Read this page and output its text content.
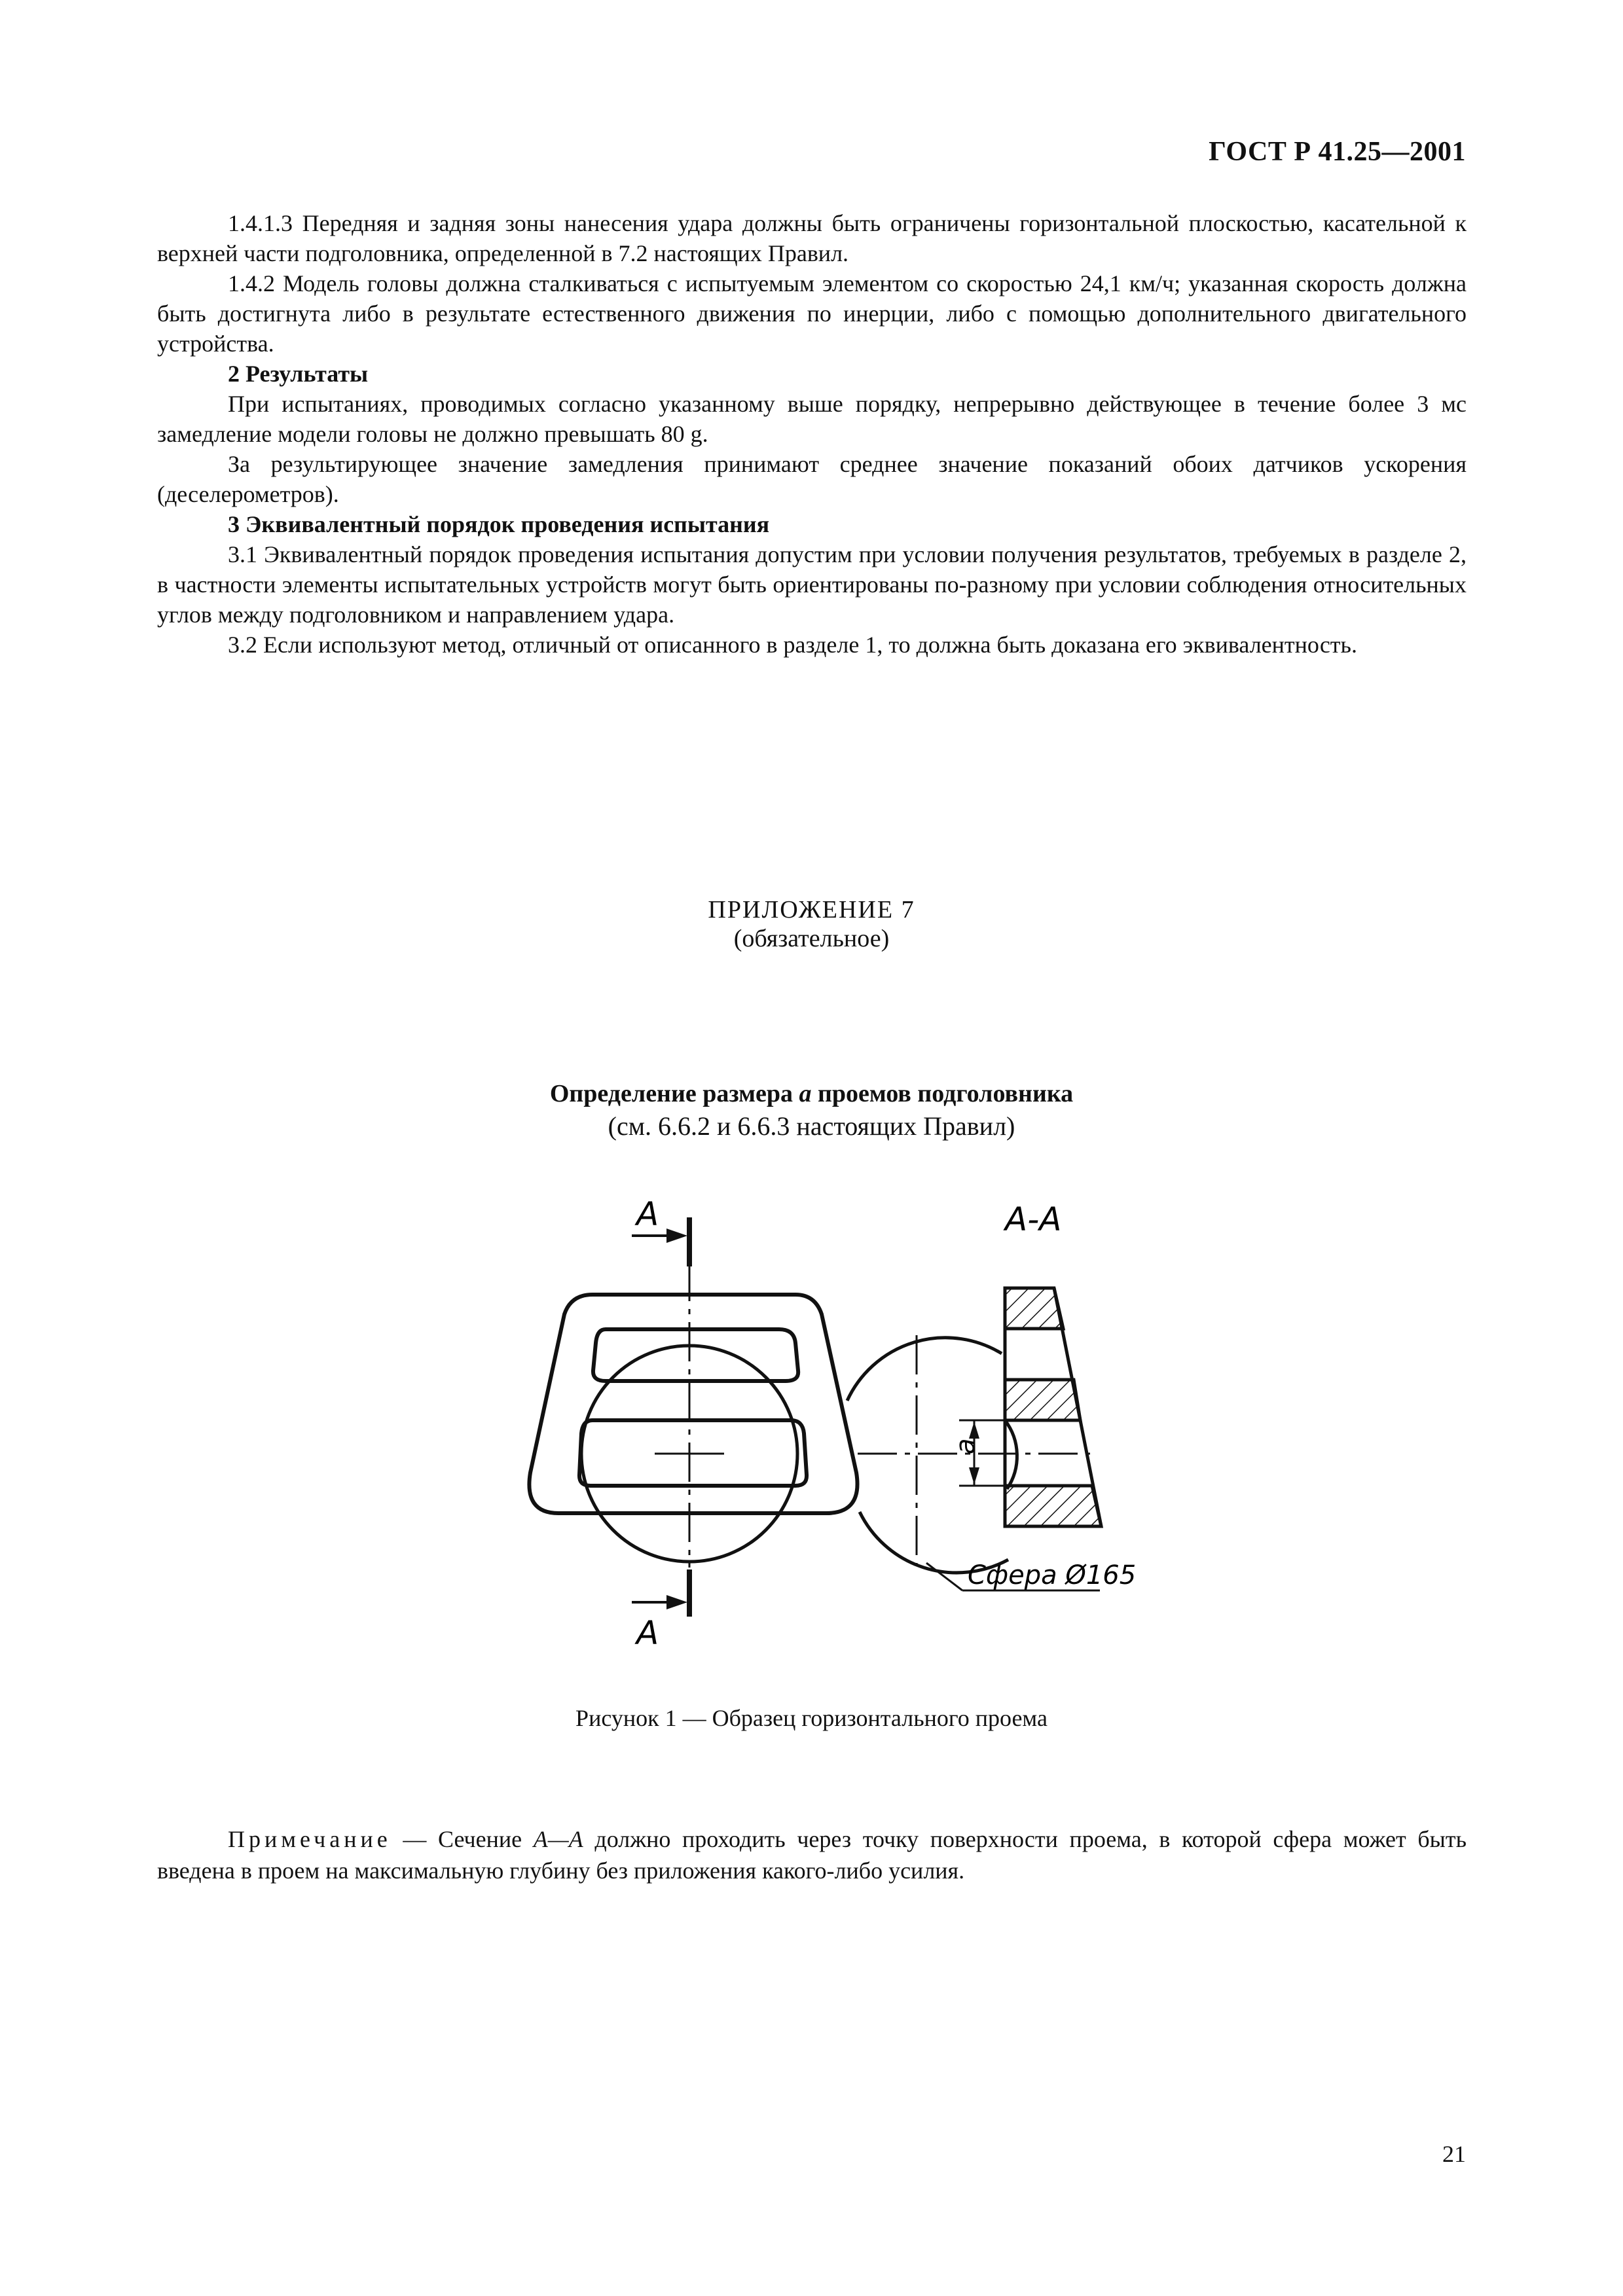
ГОСТ Р 41.25—2001

1.4.1.3 Передняя и задняя зоны нанесения удара должны быть ограничены горизонтальной плоскостью, касательной к верхней части подголовника, определенной в 7.2 настоящих Правил.

1.4.2 Модель головы должна сталкиваться с испытуемым элементом со скоростью 24,1 км/ч; указанная скорость должна быть достигнута либо в результате естественного движения по инерции, либо с помощью дополнительного двигательного устройства.

2 Результаты

При испытаниях, проводимых согласно указанному выше порядку, непрерывно действующее в течение более 3 мс замедление модели головы не должно превышать 80 g.

За результирующее значение замедления принимают среднее значение показаний обоих датчиков ускорения (деселерометров).

3 Эквивалентный порядок проведения испытания

3.1 Эквивалентный порядок проведения испытания допустим при условии получения результатов, требуемых в разделе 2, в частности элементы испытательных устройств могут быть ориентированы по-разному при условии соблюдения относительных углов между подголовником и направлением удара.

3.2 Если используют метод, отличный от описанного в разделе 1, то должна быть доказана его эквивалентность.

ПРИЛОЖЕНИЕ 7
(обязательное)
Определение размера a проемов подголовника
(см. 6.6.2 и 6.6.3 настоящих Правил)
A
A
a
A-A
Сфера Ø165
Рисунок 1 — Образец горизонтального проема

Примечание — Сечение A—A должно проходить через точку поверхности проема, в которой сфера может быть введена в проем на максимальную глубину без приложения какого-либо усилия.

21
